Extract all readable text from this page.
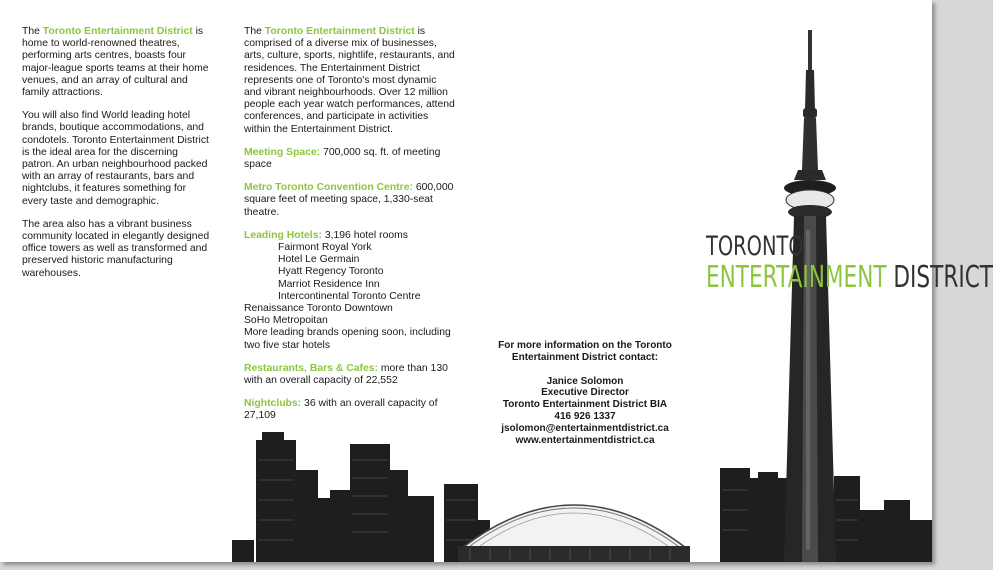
The Toronto Entertainment District is home to world-renowned theatres, performing arts centres, boasts four major-league sports teams at their home venues, and an array of cultural and family attractions.

You will also find World leading hotel brands, boutique accommodations, and condotels. Toronto Entertainment District is the ideal area for the discerning patron. An urban neighbourhood packed with an array of restaurants, bars and nightclubs, it features something for every taste and demographic.

The area also has a vibrant business community located in elegantly designed office towers as well as transformed and preserved historic manufacturing warehouses.

The Toronto Entertainment District is comprised of a diverse mix of businesses, arts, culture, sports, nightlife, restaurants, and residences. The Entertainment District represents one of Toronto's most dynamic and vibrant neighbourhoods. Over 12 million people each year watch performances, attend conferences, and participate in activities within the Entertainment District.

Meeting Space: 700,000 sq. ft. of meeting space

Metro Toronto Convention Centre: 600,000 square feet of meeting space, 1,330-seat theatre.

Leading Hotels: 3,196 hotel rooms
Fairmont Royal York
Hotel Le Germain
Hyatt Regency Toronto
Marriot Residence Inn
Intercontinental Toronto Centre
Renaissance Toronto Downtown
SoHo Metropoitan
More leading brands opening soon, including two five star hotels

Restaurants, Bars & Cafes: more than 130 with an overall capacity of 22,552

Nightclubs: 36 with an overall capacity of 27,109

For more information on the Toronto
Entertainment District contact:
Janice Solomon
Executive Director
Toronto Entertainment District BIA
416 926 1337
jsolomon@entertainmentdistrict.ca
www.entertainmentdistrict.ca
TORONTO
ENTERTAINMENT DISTRICT
